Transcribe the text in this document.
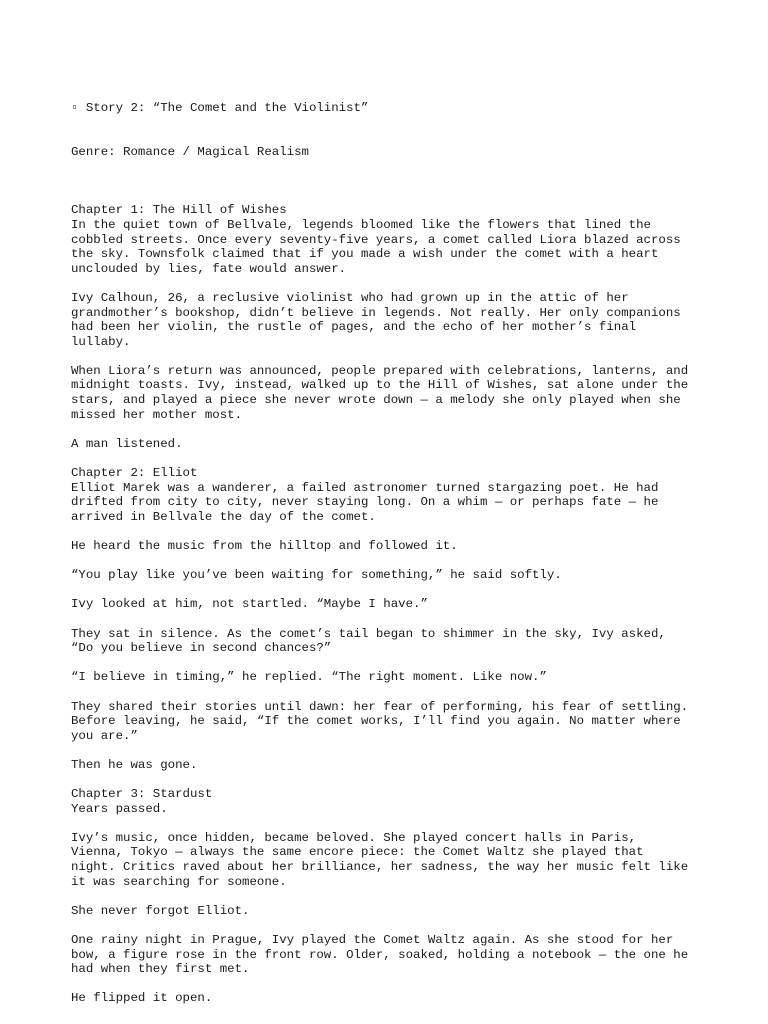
▫ Story 2: “The Comet and the Violinist”

Genre: Romance / Magical Realism

Chapter 1: The Hill of Wishes
In the quiet town of Bellvale, legends bloomed like the flowers that lined the
cobbled streets. Once every seventy-five years, a comet called Liora blazed across
the sky. Townsfolk claimed that if you made a wish under the comet with a heart
unclouded by lies, fate would answer.
Ivy Calhoun, 26, a reclusive violinist who had grown up in the attic of her
grandmother’s bookshop, didn’t believe in legends. Not really. Her only companions
had been her violin, the rustle of pages, and the echo of her mother’s final
lullaby.
When Liora’s return was announced, people prepared with celebrations, lanterns, and
midnight toasts. Ivy, instead, walked up to the Hill of Wishes, sat alone under the
stars, and played a piece she never wrote down — a melody she only played when she
missed her mother most.
A man listened.
Chapter 2: Elliot
Elliot Marek was a wanderer, a failed astronomer turned stargazing poet. He had
drifted from city to city, never staying long. On a whim — or perhaps fate — he
arrived in Bellvale the day of the comet.
He heard the music from the hilltop and followed it.
“You play like you’ve been waiting for something,” he said softly.
Ivy looked at him, not startled. “Maybe I have.”
They sat in silence. As the comet’s tail began to shimmer in the sky, Ivy asked,
“Do you believe in second chances?”
“I believe in timing,” he replied. “The right moment. Like now.”
They shared their stories until dawn: her fear of performing, his fear of settling.
Before leaving, he said, “If the comet works, I’ll find you again. No matter where
you are.”
Then he was gone.
Chapter 3: Stardust
Years passed.
Ivy’s music, once hidden, became beloved. She played concert halls in Paris,
Vienna, Tokyo — always the same encore piece: the Comet Waltz she played that
night. Critics raved about her brilliance, her sadness, the way her music felt like
it was searching for someone.
She never forgot Elliot.
One rainy night in Prague, Ivy played the Comet Waltz again. As she stood for her
bow, a figure rose in the front row. Older, soaked, holding a notebook — the one he
had when they first met.
He flipped it open.
